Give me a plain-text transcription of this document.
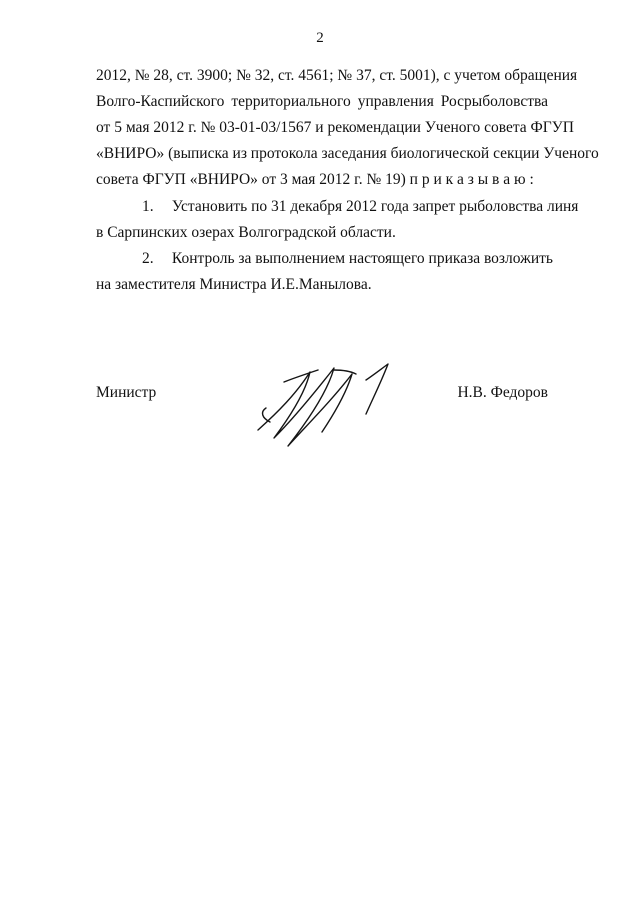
2
2012, № 28, ст. 3900; № 32, ст. 4561; № 37, ст. 5001), с учетом обращения
Волго-Каспийского территориального управления Росрыболовства
от 5 мая 2012 г. № 03-01-03/1567 и рекомендации Ученого совета ФГУП
«ВНИРО» (выписка из протокола заседания биологической секции Ученого
совета ФГУП «ВНИРО» от 3 мая 2012 г. № 19) п р и к а з ы в а ю :
1. Установить по 31 декабря 2012 года запрет рыболовства линя
в Сарпинских озерах Волгоградской области.
2. Контроль за выполнением настоящего приказа возложить
на заместителя Министра И.Е.Манылова.
Министр	Н.В. Федоров
